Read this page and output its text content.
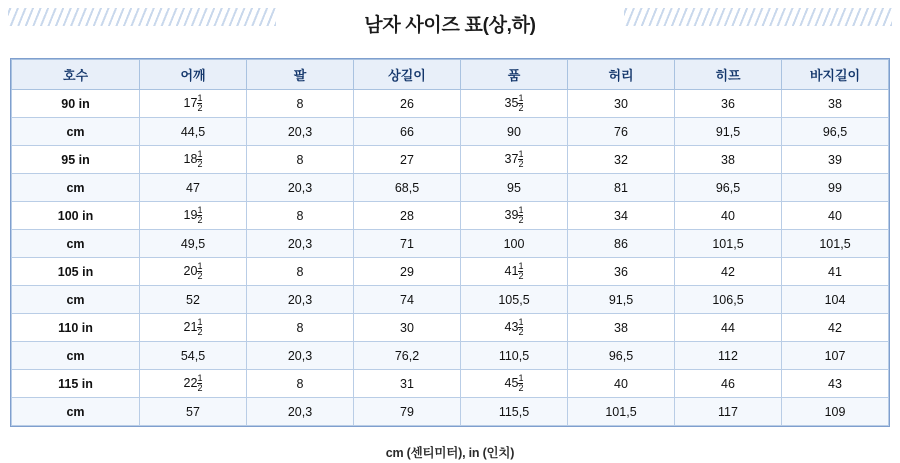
남자 사이즈 표(상,하)
호수	어깨	팔	상길이	품	허리	히프	바지길이
90 in	$17 \frac{1}{2}$	8	26	$35 \frac{1}{2}$	30	36	38
cm	44,5	20,3	66	90	76	91,5	96,5
95 in	$18 \frac{1}{2}$	8	27	$37 \frac{1}{2}$	32	38	39
cm	47	20,3	68,5	95	81	96,5	99
100 in	$19 \frac{1}{2}$	8	28	$39 \frac{1}{2}$	34	40	40
cm	49,5	20,3	71	100	86	101,5	101,5
105 in	$20 \frac{1}{2}$	8	29	$41 \frac{1}{2}$	36	42	41
cm	52	20,3	74	105,5	91,5	106,5	104
110 in	$21 \frac{1}{2}$	8	30	$43 \frac{1}{2}$	38	44	42
cm	54,5	20,3	76,2	110,5	96,5	112	107
115 in	$22 \frac{1}{2}$	8	31	$45 \frac{1}{2}$	40	46	43
cm	57	20,3	79	115,5	101,5	117	109
cm (센티미터), in (인치)
